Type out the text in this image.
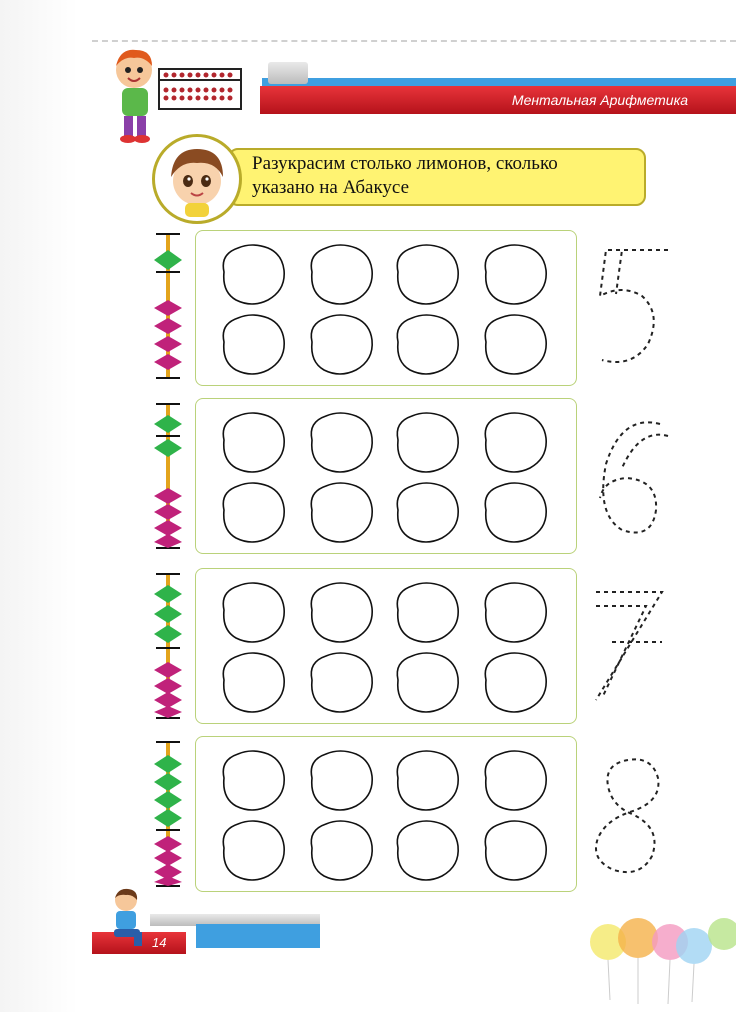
Ментальная Арифметика
Разукрасим столько лимонов, сколько
указано на Абакусе
14
